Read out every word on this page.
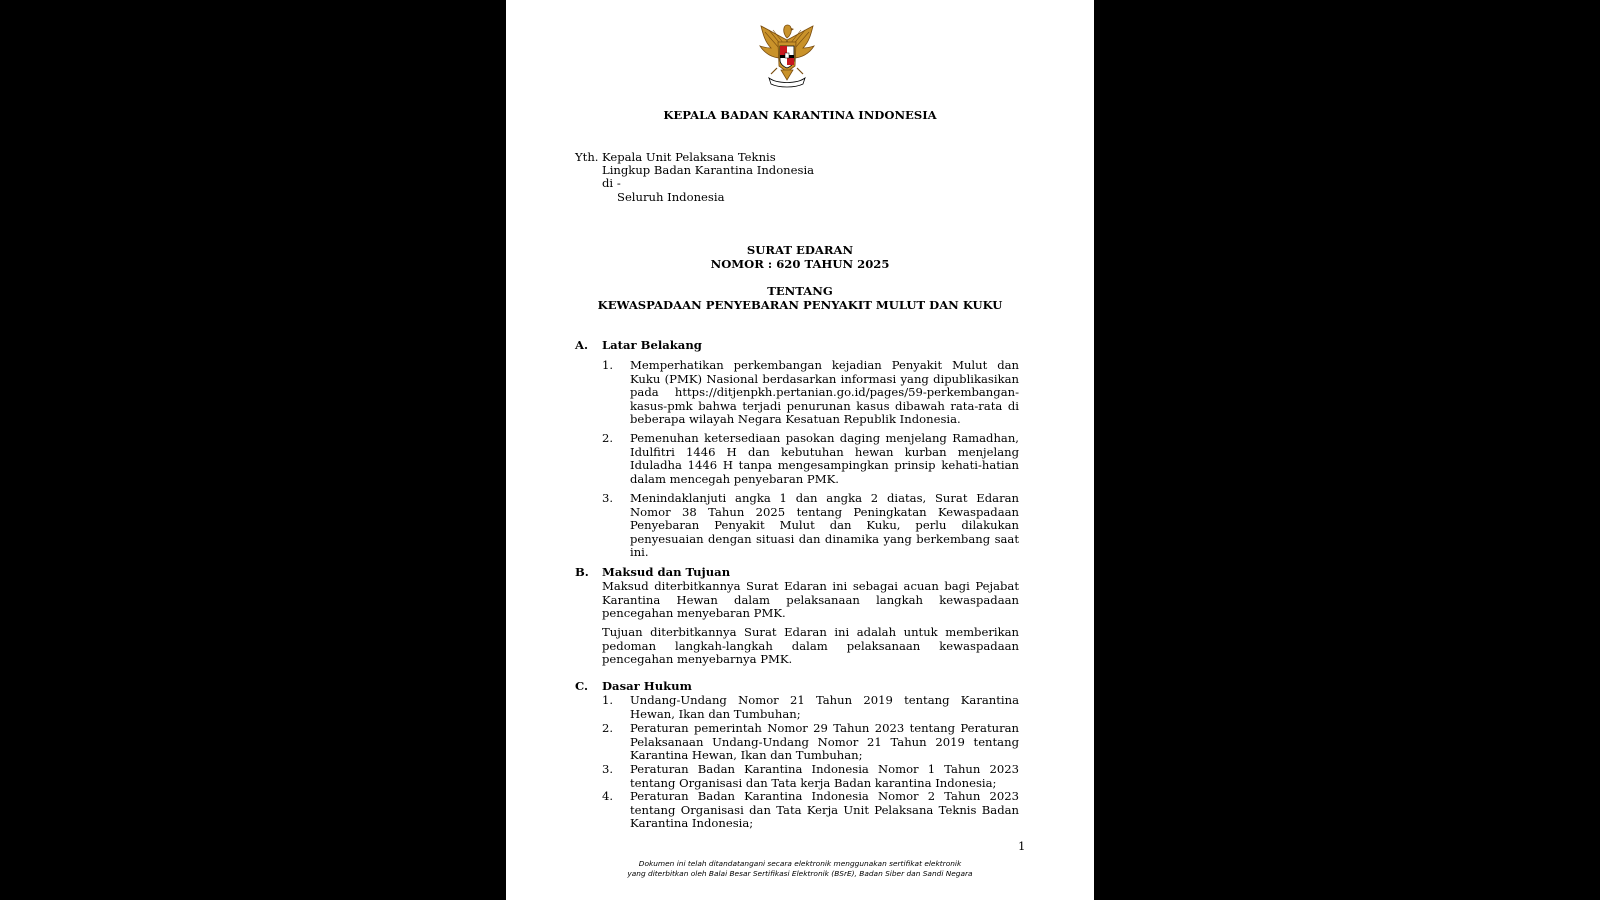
KEPALA BADAN KARANTINA INDONESIA
Yth. Kepala Unit Pelaksana Teknis
Lingkup Badan Karantina Indonesia
di -
Seluruh Indonesia
SURAT EDARAN
NOMOR : 620 TAHUN 2025
TENTANG
KEWASPADAAN PENYEBARAN PENYAKIT MULUT DAN KUKU
A. Latar Belakang
1. Memperhatikan perkembangan kejadian Penyakit Mulut dan Kuku (PMK) Nasional berdasarkan informasi yang dipublikasikan pada https://ditjenpkh.pertanian.go.id/pages/59-perkembangan-kasus-pmk bahwa terjadi penurunan kasus dibawah rata-rata di beberapa wilayah Negara Kesatuan Republik Indonesia.
2. Pemenuhan ketersediaan pasokan daging menjelang Ramadhan, Idulfitri 1446 H dan kebutuhan hewan kurban menjelang Iduladha 1446 H tanpa mengesampingkan prinsip kehati-hatian dalam mencegah penyebaran PMK.
3. Menindaklanjuti angka 1 dan angka 2 diatas, Surat Edaran Nomor 38 Tahun 2025 tentang Peningkatan Kewaspadaan Penyebaran Penyakit Mulut dan Kuku, perlu dilakukan penyesuaian dengan situasi dan dinamika yang berkembang saat ini.
B. Maksud dan Tujuan
Maksud diterbitkannya Surat Edaran ini sebagai acuan bagi Pejabat Karantina Hewan dalam pelaksanaan langkah kewaspadaan pencegahan menyebaran PMK.
Tujuan diterbitkannya Surat Edaran ini adalah untuk memberikan pedoman langkah-langkah dalam pelaksanaan kewaspadaan pencegahan menyebarnya PMK.
C. Dasar Hukum
1. Undang-Undang Nomor 21 Tahun 2019 tentang Karantina Hewan, Ikan dan Tumbuhan;
2. Peraturan pemerintah Nomor 29 Tahun 2023 tentang Peraturan Pelaksanaan Undang-Undang Nomor 21 Tahun 2019 tentang Karantina Hewan, Ikan dan Tumbuhan;
3. Peraturan Badan Karantina Indonesia Nomor 1 Tahun 2023 tentang Organisasi dan Tata kerja Badan karantina Indonesia;
4. Peraturan Badan Karantina Indonesia Nomor 2 Tahun 2023 tentang Organisasi dan Tata Kerja Unit Pelaksana Teknis Badan Karantina Indonesia;
1
Dokumen ini telah ditandatangani secara elektronik menggunakan sertifikat elektronik
yang diterbitkan oleh Balai Besar Sertifikasi Elektronik (BSrE), Badan Siber dan Sandi Negara
